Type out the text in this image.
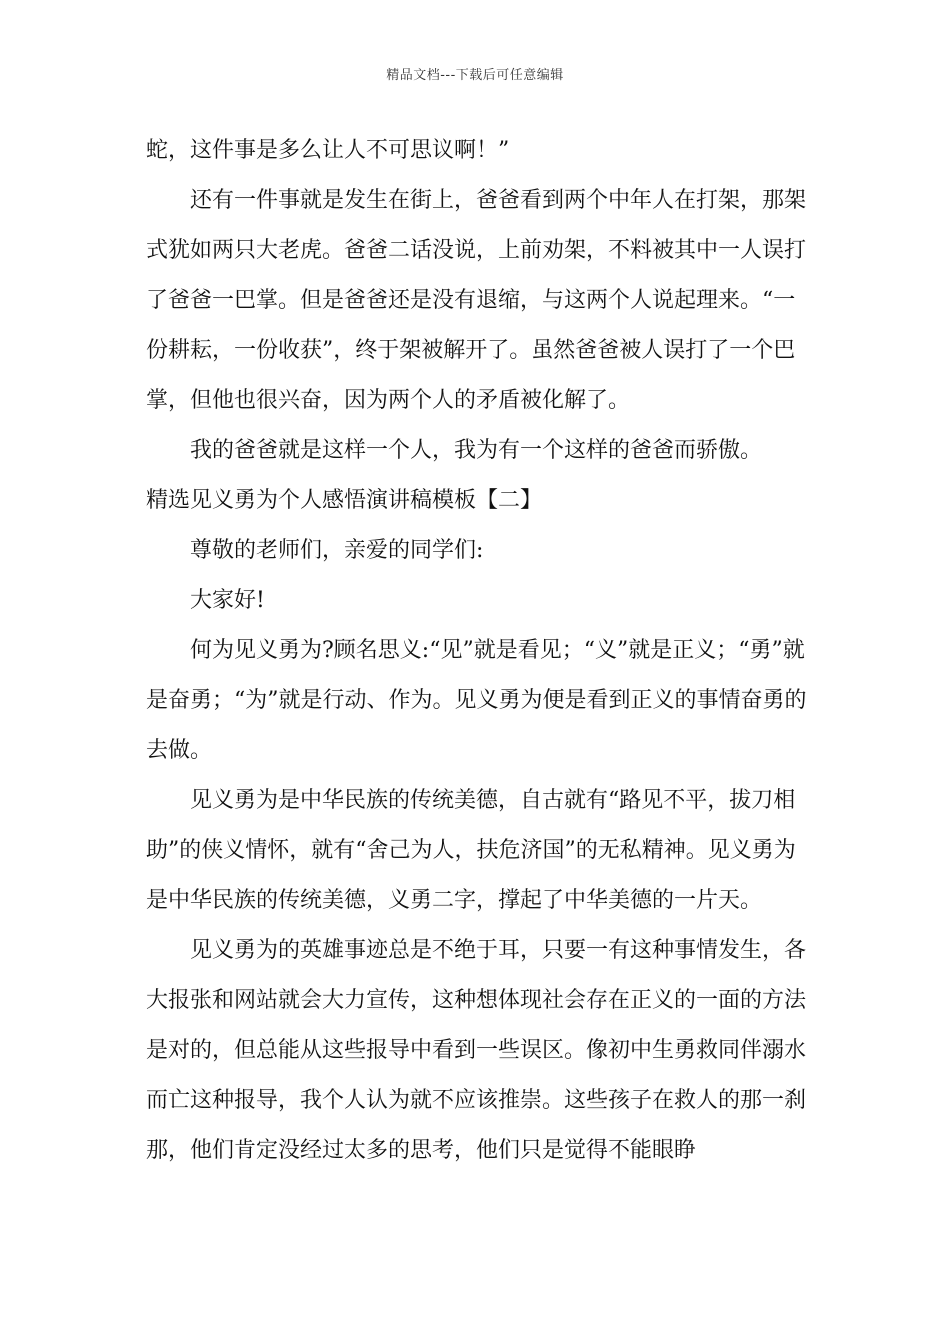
精品文档---下载后可任意编辑

蛇，这件事是多么让人不可思议啊！”

还有一件事就是发生在街上，爸爸看到两个中年人在打架，那架式犹如两只大老虎。爸爸二话没说，上前劝架，不料被其中一人误打了爸爸一巴掌。但是爸爸还是没有退缩，与这两个人说起理来。“一份耕耘，一份收获”，终于架被解开了。虽然爸爸被人误打了一个巴掌，但他也很兴奋，因为两个人的矛盾被化解了。

我的爸爸就是这样一个人，我为有一个这样的爸爸而骄傲。

精选见义勇为个人感悟演讲稿模板【二】

尊敬的老师们，亲爱的同学们:

大家好!

何为见义勇为?顾名思义:“见”就是看见；“义”就是正义；“勇”就是奋勇；“为”就是行动、作为。见义勇为便是看到正义的事情奋勇的去做。

见义勇为是中华民族的传统美德，自古就有“路见不平，拔刀相助”的侠义情怀，就有“舍己为人，扶危济国”的无私精神。见义勇为是中华民族的传统美德，义勇二字，撑起了中华美德的一片天。

见义勇为的英雄事迹总是不绝于耳，只要一有这种事情发生，各大报张和网站就会大力宣传，这种想体现社会存在正义的一面的方法是对的，但总能从这些报导中看到一些误区。像初中生勇救同伴溺水而亡这种报导，我个人认为就不应该推崇。这些孩子在救人的那一刹那，他们肯定没经过太多的思考，他们只是觉得不能眼睁
